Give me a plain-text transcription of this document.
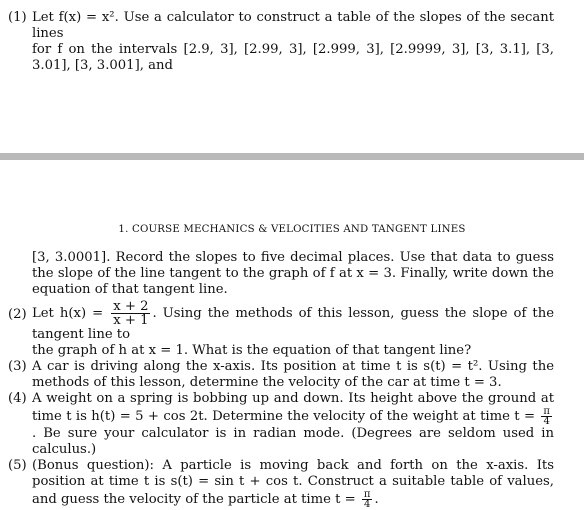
(1) Let f(x) = x². Use a calculator to construct a table of the slopes of the secant lines
for f on the intervals [2.9, 3], [2.99, 3], [2.999, 3], [2.9999, 3], [3, 3.1], [3, 3.01], [3, 3.001], and
1. COURSE MECHANICS & VELOCITIES AND TANGENT LINES
[3, 3.0001]. Record the slopes to five decimal places. Use that data to guess the slope of the line tangent to the graph of f at x = 3. Finally, write down the equation of that tangent line.
(2) Let $h(x) = \frac{x + 2}{x + 1}$ . Using the methods of this lesson, guess the slope of the tangent line to
the graph of h at x = 1. What is the equation of that tangent line?
(3) A car is driving along the x-axis. Its position at time t is s(t) = t². Using the methods of this lesson, determine the velocity of the car at time t = 3.
(4) A weight on a spring is bobbing up and down. Its height above the ground at time t is h(t) = 5 + cos 2t. Determine the velocity of the weight at time $t = \frac{\pi}{4}$
. Be sure your calculator is in radian mode. (Degrees are seldom used in calculus.)
(5) (Bonus question): A particle is moving back and forth on the x-axis. Its position at time t is s(t) = sin t + cos t. Construct a suitable table of values, and guess the velocity of the particle at time $t = \frac{\pi}{4}$ .
